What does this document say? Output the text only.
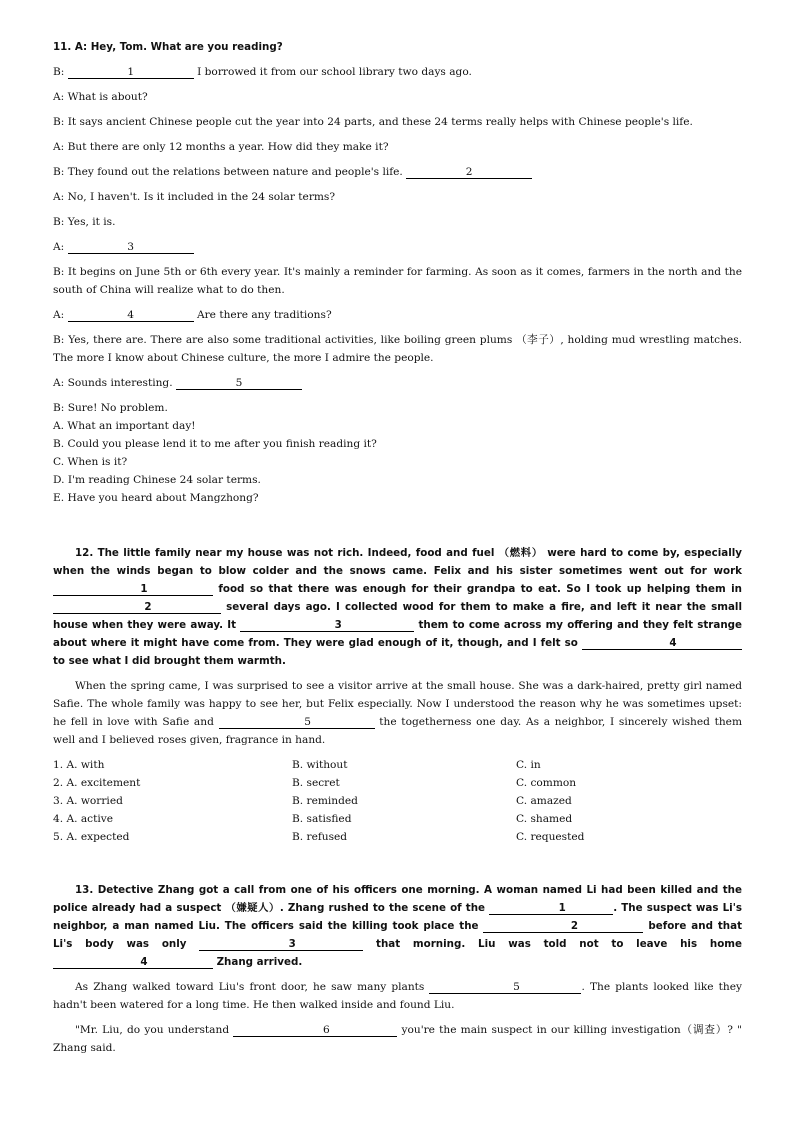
11. A: Hey, Tom. What are you reading?

B:	1	I borrowed it from our school library two days ago.

A: What is about?

B: It says ancient Chinese people cut the year into 24 parts, and these 24 terms really helps with Chinese people's life.

A: But there are only 12 months a year. How did they make it?

B: They found out the relations between nature and people's life.	2

A: No, I haven't. Is it included in the 24 solar terms?

B: Yes, it is.

A:	3

B: It begins on June 5th or 6th every year. It's mainly a reminder for farming. As soon as it comes, farmers in the north and the south of China will realize what to do then.

A:	4	Are there any traditions?

B: Yes, there are. There are also some traditional activities, like boiling green plums （李子）, holding mud wrestling matches. The more I know about Chinese culture, the more I admire the people.

A: Sounds interesting.	5

B: Sure! No problem.

A. What an important day!

B. Could you please lend it to me after you finish reading it?

C. When is it?

D. I'm reading Chinese 24 solar terms.

E. Have you heard about Mangzhong?

12. The little family near my house was not rich. Indeed, food and fuel （燃料） were hard to come by, especially when the winds began to blow colder and the snows came. Felix and his sister sometimes went out for work 1	food so that there was enough for their grandpa to eat. So I took up helping them in 2	several days ago. I collected wood for them to make a fire, and left it near the small house when they were away. It	3	them to come across my offering and they felt strange about where it might have come from. They were glad enough of it, though, and I felt so	4 to see what I did brought them warmth.

When the spring came, I was surprised to see a visitor arrive at the small house. She was a dark-haired, pretty girl named Safie. The whole family was happy to see her, but Felix especially. Now I understood the reason why he was sometimes upset: he fell in love with Safie and	5	the togetherness one day. As a neighbor, I sincerely wished them well and I believed roses given, fragrance in hand.

1. A. with	B. without	C. in
2. A. excitement	B. secret	C. common
3. A. worried	B. reminded	C. amazed
4. A. active	B. satisfied	C. shamed
5. A. expected	B. refused	C. requested

13. Detective Zhang got a call from one of his officers one morning. A woman named Li had been killed and the police already had a suspect （嫌疑人）. Zhang rushed to the scene of the	1	. The suspect was Li's neighbor, a man named Liu. The officers said the killing took place the	2	before and that Li's body was only	3	that morning. Liu was told not to leave his home 4	Zhang arrived.

As Zhang walked toward Liu's front door, he saw many plants	5	. The plants looked like they hadn't been watered for a long time. He then walked inside and found Liu.

"Mr. Liu, do you understand	6	you're the main suspect in our killing investigation（调查）? " Zhang said.
